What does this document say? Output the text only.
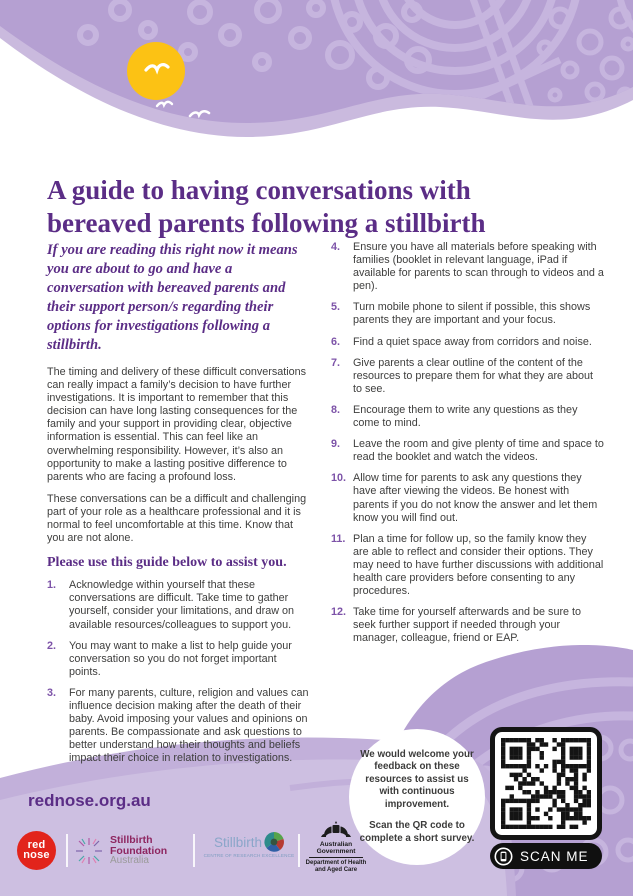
A guide to having conversations with
bereaved parents following a stillbirth

If you are reading this right now it means you are about to go and have a conversation with bereaved parents and their support person/s regarding their options for investigations following a stillbirth.

The timing and delivery of these difficult conversations can really impact a family’s decision to have further investigations. It is important to remember that this decision can have long lasting consequences for the family and your support in providing clear, objective information is essential. This can feel like an overwhelming responsibility. However, it’s also an opportunity to make a lasting positive difference to parents who are facing a profound loss.

These conversations can be a difficult and challenging part of your role as a healthcare professional and it is normal to feel uncomfortable at this time. Know that you are not alone.

Please use this guide below to assist you.
1.	Acknowledge within yourself that these conversations are difficult. Take time to gather yourself, consider your limitations, and draw on available resources/colleagues to support you.
2.	You may want to make a list to help guide your conversation so you do not forget important points.
3.	For many parents, culture, religion and values can influence decision making after the death of their baby. Avoid imposing your values and opinions on parents. Be compassionate and ask questions to better understand how their thoughts and beliefs impact their choice in relation to investigations.
4.	Ensure you have all materials before speaking with families (booklet in relevant language, iPad if available for parents to scan through to videos and a pen).
5.	Turn mobile phone to silent if possible, this shows parents they are important and your focus.
6.	Find a quiet space away from corridors and noise.
7.	Give parents a clear outline of the content of the resources to prepare them for what they are about to see.
8.	Encourage them to write any questions as they come to mind.
9.	Leave the room and give plenty of time and space to read the booklet and watch the videos.
10. Allow time for parents to ask any questions they have after viewing the videos. Be honest with parents if you do not know the answer and let them know you will find out.
11. Plan a time for follow up, so the family know they are able to reflect and consider their options. They may need to have further discussions with additional health care providers before consenting to any procedures.
12. Take time for yourself afterwards and be sure to seek further support if needed through your manager, colleague, friend or EAP.

We would welcome your feedback on these resources to assist us with continuous improvement.

Scan the QR code to complete a short survey.

SCAN ME
rednose.org.au
red
nose
Stillbirth
Foundation
Australia
Stillbirth
CENTRE OF RESEARCH EXCELLENCE
Australian Government
Department of Health
and Aged Care
